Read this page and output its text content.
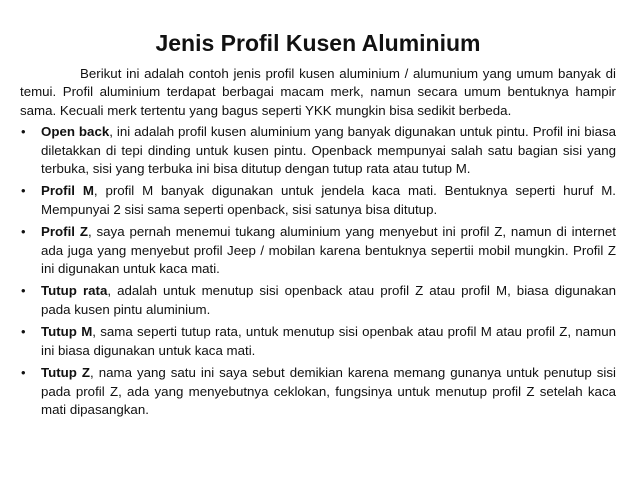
Jenis Profil Kusen Aluminium

Berikut ini adalah contoh jenis profil kusen aluminium / alumunium yang umum banyak di temui. Profil aluminium terdapat berbagai macam merk, namun secara umum bentuknya hampir sama. Kecuali merk tertentu yang bagus seperti YKK mungkin bisa sedikit berbeda.

• Open back, ini adalah profil kusen aluminium yang banyak digunakan untuk pintu. Profil ini biasa diletakkan di tepi dinding untuk kusen pintu. Openback mempunyai salah satu bagian sisi yang terbuka, sisi yang terbuka ini bisa ditutup dengan tutup rata atau tutup M.
• Profil M, profil M banyak digunakan untuk jendela kaca mati. Bentuknya seperti huruf M. Mempunyai 2 sisi sama seperti openback, sisi satunya bisa ditutup.
• Profil Z, saya pernah menemui tukang aluminium yang menyebut ini profil Z, namun di internet ada juga yang menyebut profil Jeep / mobilan karena bentuknya sepertii mobil mungkin. Profil Z ini digunakan untuk kaca mati.
• Tutup rata, adalah untuk menutup sisi openback atau profil Z atau profil M, biasa digunakan pada kusen pintu aluminium.
• Tutup M, sama seperti tutup rata, untuk menutup sisi openbak atau profil M atau profil Z, namun ini biasa digunakan untuk kaca mati.
• Tutup Z, nama yang satu ini saya sebut demikian karena memang gunanya untuk penutup sisi pada profil Z, ada yang menyebutnya ceklokan, fungsinya untuk menutup profil Z setelah kaca mati dipasangkan.
